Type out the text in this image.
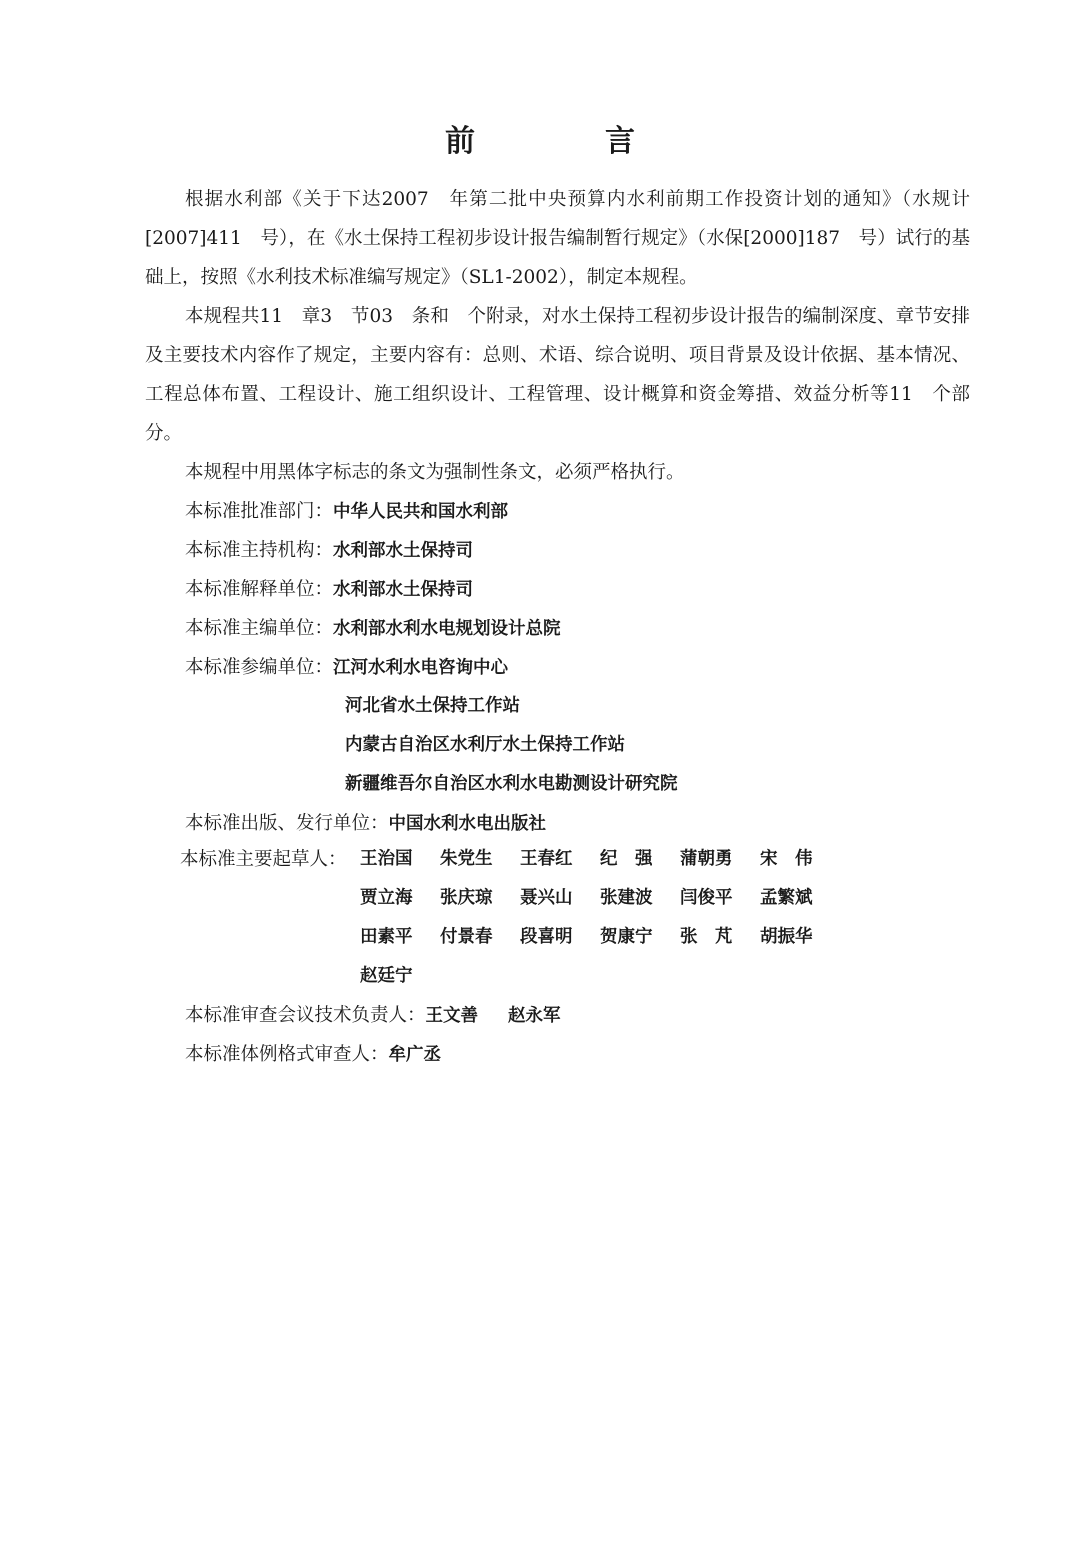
前　言

根据水利部《关于下达2007　年第二批中央预算内水利前期工作投资计划的通知》（水规计[2007]411　号），在《水土保持工程初步设计报告编制暂行规定》（水保[2000]187　号）试行的基础上，按照《水利技术标准编写规定》（SL1-2002），制定本规程。

本规程共11　章3　节03　条和　个附录，对水土保持工程初步设计报告的编制深度、章节安排及主要技术内容作了规定，主要内容有：总则、术语、综合说明、项目背景及设计依据、基本情况、工程总体布置、工程设计、施工组织设计、工程管理、设计概算和资金筹措、效益分析等11　个部分。

本规程中用黑体字标志的条文为强制性条文，必须严格执行。

本标准批准部门：中华人民共和国水利部
本标准主持机构：水利部水土保持司
本标准解释单位：水利部水土保持司
本标准主编单位：水利部水利水电规划设计总院
本标准参编单位：江河水利水电咨询中心
河北省水土保持工作站
内蒙古自治区水利厅水土保持工作站
新疆维吾尔自治区水利水电勘测设计研究院
本标准出版、发行单位：中国水利水电出版社
本标准主要起草人： 王治国 朱党生 王春红 纪　强 蒲朝勇 宋　伟
贾立海 张庆琼 聂兴山 张建波 闫俊平 孟繁斌
田素平 付景春 段喜明 贺康宁 张　芃 胡振华
赵廷宁
本标准审查会议技术负责人：王文善 赵永军
本标准体例格式审查人：牟广丞
